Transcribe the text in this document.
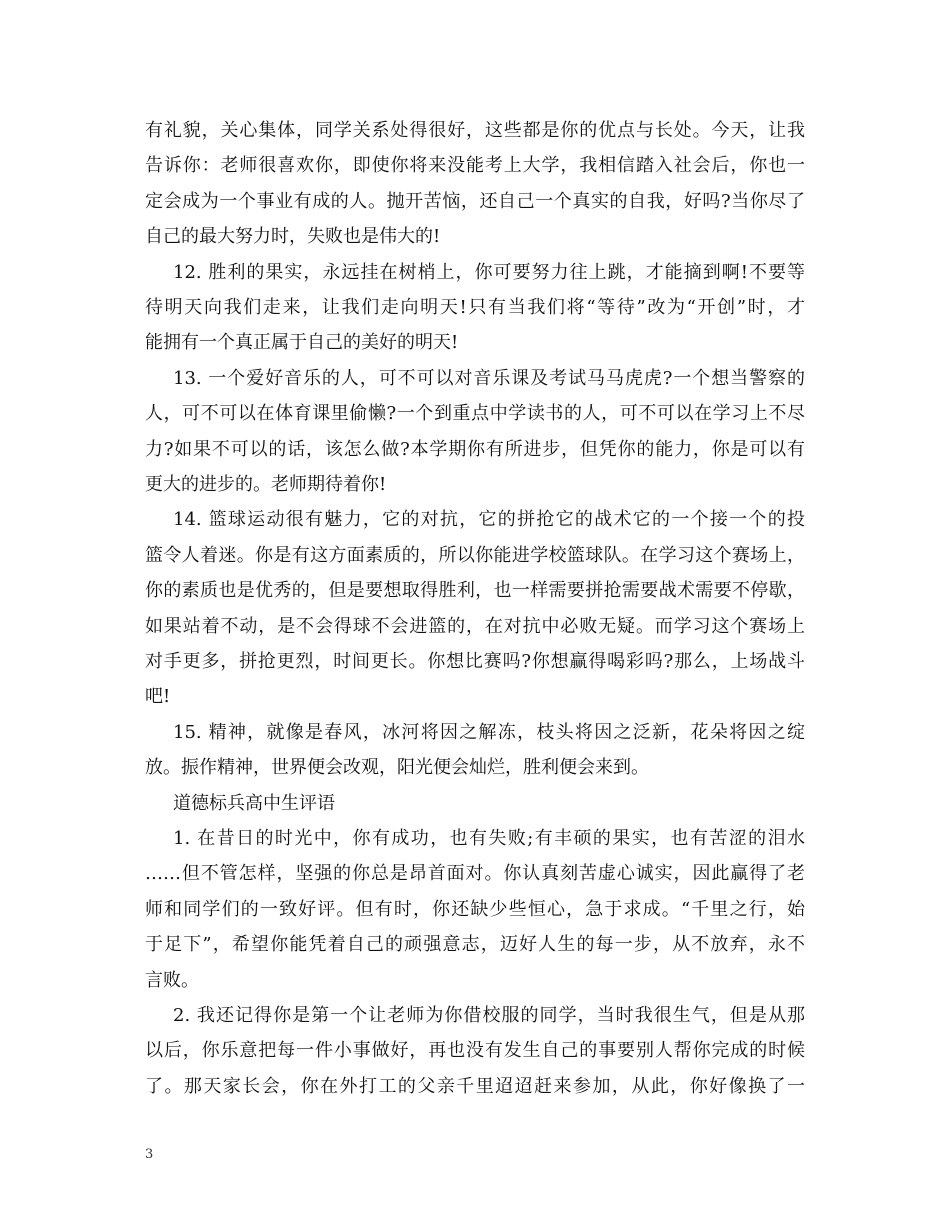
有礼貌，关心集体，同学关系处得很好，这些都是你的优点与长处。今天，让我
告诉你：老师很喜欢你，即使你将来没能考上大学，我相信踏入社会后，你也一
定会成为一个事业有成的人。抛开苦恼，还自己一个真实的自我，好吗?当你尽了
自己的最大努力时，失败也是伟大的!
12. 胜利的果实，永远挂在树梢上，你可要努力往上跳，才能摘到啊!不要等
待明天向我们走来，让我们走向明天!只有当我们将“等待”改为“开创”时，才
能拥有一个真正属于自己的美好的明天!
13. 一个爱好音乐的人，可不可以对音乐课及考试马马虎虎?一个想当警察的
人，可不可以在体育课里偷懒?一个到重点中学读书的人，可不可以在学习上不尽
力?如果不可以的话，该怎么做?本学期你有所进步，但凭你的能力，你是可以有
更大的进步的。老师期待着你!
14. 篮球运动很有魅力，它的对抗，它的拼抢它的战术它的一个接一个的投
篮令人着迷。你是有这方面素质的，所以你能进学校篮球队。在学习这个赛场上，
你的素质也是优秀的，但是要想取得胜利，也一样需要拼抢需要战术需要不停歇，
如果站着不动，是不会得球不会进篮的，在对抗中必败无疑。而学习这个赛场上
对手更多，拼抢更烈，时间更长。你想比赛吗?你想赢得喝彩吗?那么，上场战斗
吧!
15. 精神，就像是春风，冰河将因之解冻，枝头将因之泛新，花朵将因之绽
放。振作精神，世界便会改观，阳光便会灿烂，胜利便会来到。
道德标兵高中生评语
1. 在昔日的时光中，你有成功，也有失败;有丰硕的果实，也有苦涩的泪水
……但不管怎样，坚强的你总是昂首面对。你认真刻苦虚心诚实，因此赢得了老
师和同学们的一致好评。但有时，你还缺少些恒心，急于求成。“千里之行，始
于足下”，希望你能凭着自己的顽强意志，迈好人生的每一步，从不放弃，永不
言败。
2. 我还记得你是第一个让老师为你借校服的同学，当时我很生气，但是从那
以后，你乐意把每一件小事做好，再也没有发生自己的事要别人帮你完成的时候
了。那天家长会，你在外打工的父亲千里迢迢赶来参加，从此，你好像换了一
3
